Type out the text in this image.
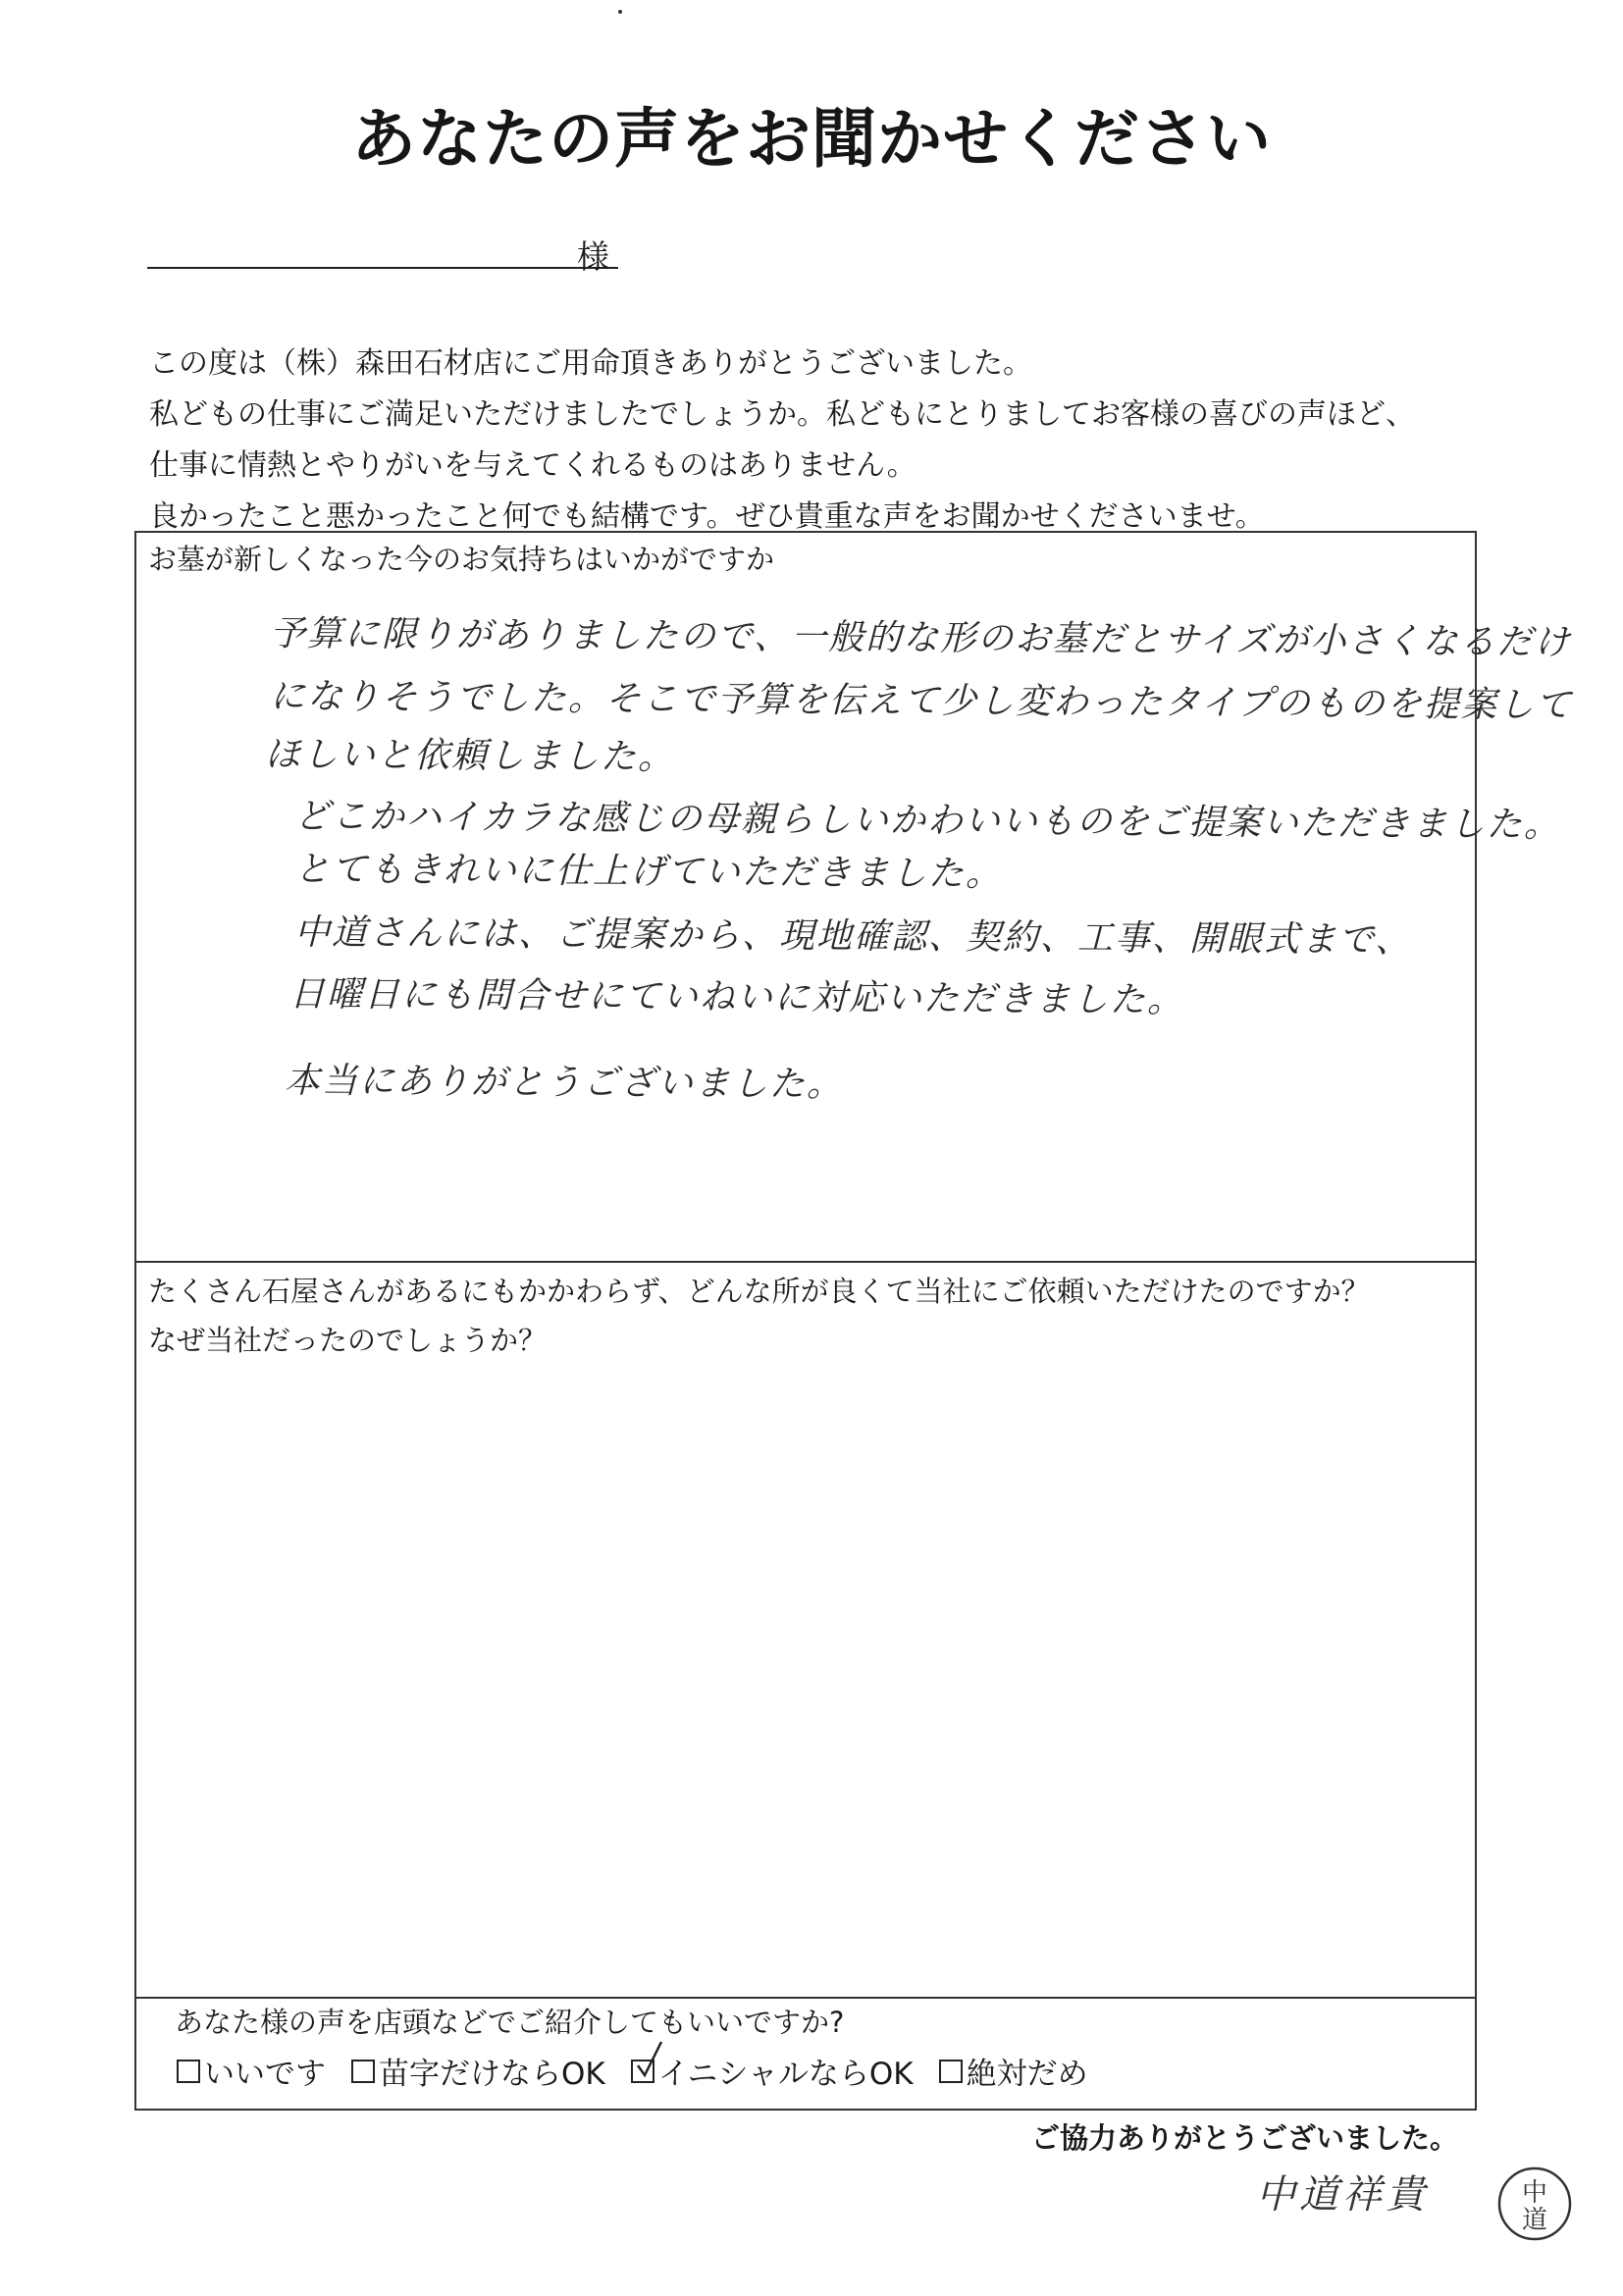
あなたの声をお聞かせください
様
この度は（株）森田石材店にご用命頂きありがとうございました。
私どもの仕事にご満足いただけましたでしょうか。私どもにとりましてお客様の喜びの声ほど、
仕事に情熱とやりがいを与えてくれるものはありません。
良かったこと悪かったこと何でも結構です。ぜひ貴重な声をお聞かせくださいませ。
お墓が新しくなった今のお気持ちはいかがですか
予算に限りがありましたので、一般的な形のお墓だとサイズが小さくなるだけ
になりそうでした。そこで予算を伝えて少し変わったタイプのものを提案して
ほしいと依頼しました。
どこかハイカラな感じの母親らしいかわいいものをご提案いただきました。
とてもきれいに仕上げていただきました。
中道さんには、ご提案から、現地確認、契約、工事、開眼式まで、
日曜日にも問合せにていねいに対応いただきました。
本当にありがとうございました。
たくさん石屋さんがあるにもかかわらず、どんな所が良くて当社にご依頼いただけたのですか？
なぜ当社だったのでしょうか？
あなた様の声を店頭などでご紹介してもいいですか?
いいです 苗字だけならOK イニシャルならOK 絶対だめ
ご協力ありがとうございました。
中道祥貴	中
道
